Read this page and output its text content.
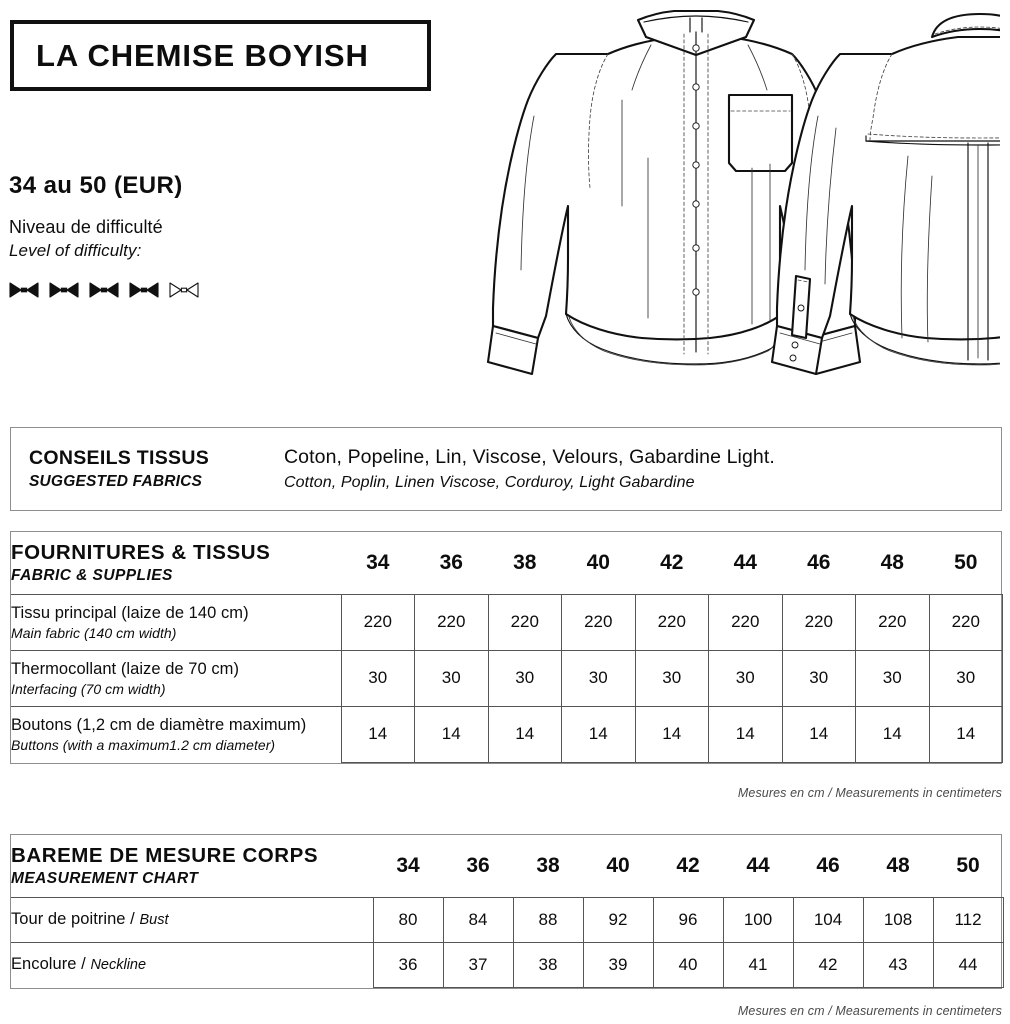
LA CHEMISE BOYISH
34 au 50 (EUR)
Niveau de difficulté
Level of difficulty:
CONSEILS TISSUS
SUGGESTED FABRICS
Coton, Popeline, Lin, Viscose, Velours, Gabardine Light.
Cotton, Poplin, Linen Viscose, Corduroy, Light Gabardine
FOURNITURES & TISSUS
FABRIC & SUPPLIES	34	36	38	40	42	44	46	48	50

Tissu principal (laize de 140 cm)
Main fabric (140 cm width)	220	220	220	220	220	220	220	220	220

Thermocollant (laize de 70 cm)
Interfacing (70 cm width)	30	30	30	30	30	30	30	30	30

Boutons (1,2 cm de diamètre maximum)
Buttons (with a maximum1.2 cm diameter)	14	14	14	14	14	14	14	14	14
Mesures en cm / Measurements in centimeters
BAREME DE MESURE CORPS
MEASUREMENT CHART	34	36	38	40	42	44	46	48	50
Tour de poitrine / Bust	80	84	88	92	96	100	104	108	112
Encolure / Neckline	36	37	38	39	40	41	42	43	44
Mesures en cm / Measurements in centimeters
